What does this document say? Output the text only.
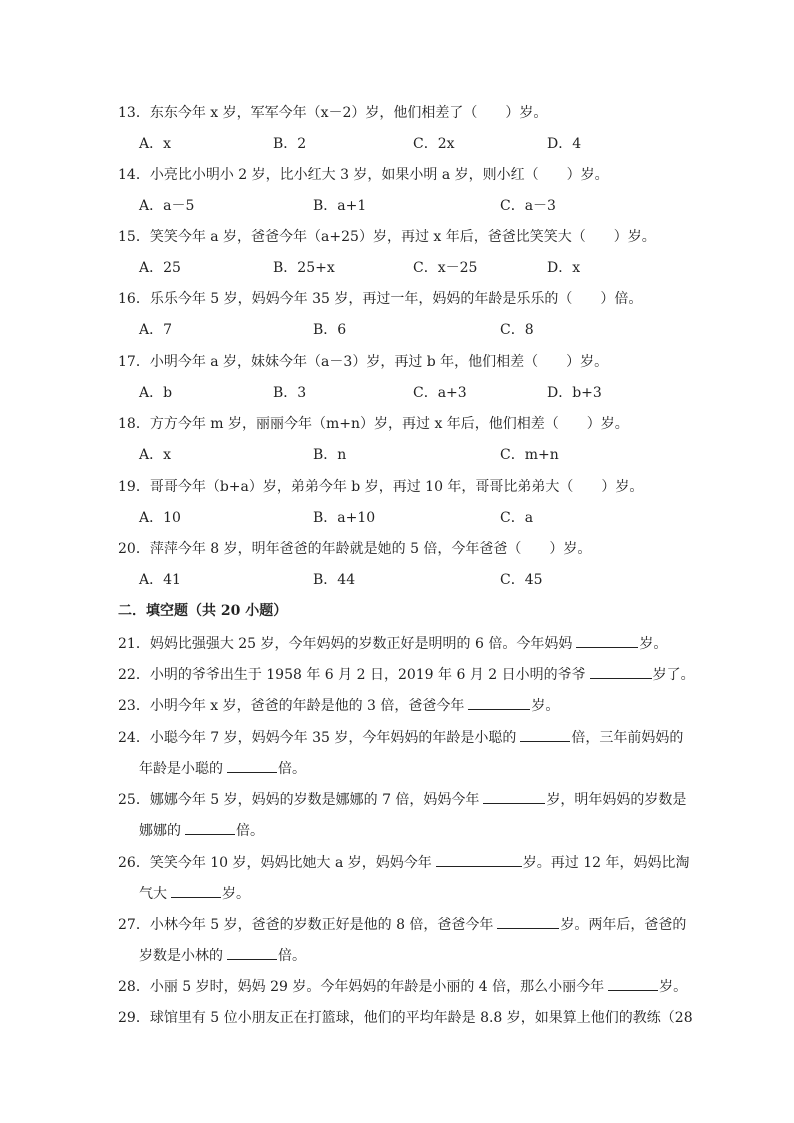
13．东东今年 x 岁，军军今年（x－2）岁，他们相差了（　　）岁。
A．x	B．2	C．2x	D．4
14．小亮比小明小 2 岁，比小红大 3 岁，如果小明 a 岁，则小红（　　）岁。
A．a－5	B．a+1	C．a－3
15．笑笑今年 a 岁，爸爸今年（a+25）岁，再过 x 年后，爸爸比笑笑大（　　）岁。
A．25	B．25+x	C．x－25	D．x
16．乐乐今年 5 岁，妈妈今年 35 岁，再过一年，妈妈的年龄是乐乐的（　　）倍。
A．7	B．6	C．8
17．小明今年 a 岁，妹妹今年（a－3）岁，再过 b 年，他们相差（　　）岁。
A．b	B．3	C．a+3	D．b+3
18．方方今年 m 岁，丽丽今年（m+n）岁，再过 x 年后，他们相差（　　）岁。
A．x	B．n	C．m+n
19．哥哥今年（b+a）岁，弟弟今年 b 岁，再过 10 年，哥哥比弟弟大（　　）岁。
A．10	B．a+10	C．a
20．萍萍今年 8 岁，明年爸爸的年龄就是她的 5 倍，今年爸爸（　　）岁。
A．41	B．44	C．45
二．填空题（共 20 小题）
21．妈妈比强强大 25 岁，今年妈妈的岁数正好是明明的 6 倍。今年妈妈	岁。
22．小明的爷爷出生于 1958 年 6 月 2 日，2019 年 6 月 2 日小明的爷爷	岁了。
23．小明今年 x 岁，爸爸的年龄是他的 3 倍，爸爸今年	岁。
24．小聪今年 7 岁，妈妈今年 35 岁，今年妈妈的年龄是小聪的	倍，三年前妈妈的
年龄是小聪的	倍。
25．娜娜今年 5 岁，妈妈的岁数是娜娜的 7 倍，妈妈今年	岁，明年妈妈的岁数是
娜娜的	倍。
26．笑笑今年 10 岁，妈妈比她大 a 岁，妈妈今年	岁。再过 12 年，妈妈比淘
气大	岁。
27．小林今年 5 岁，爸爸的岁数正好是他的 8 倍，爸爸今年	岁。两年后，爸爸的
岁数是小林的	倍。
28．小丽 5 岁时，妈妈 29 岁。今年妈妈的年龄是小丽的 4 倍，那么小丽今年	岁。
29．球馆里有 5 位小朋友正在打篮球，他们的平均年龄是 8.8 岁，如果算上他们的教练（28
